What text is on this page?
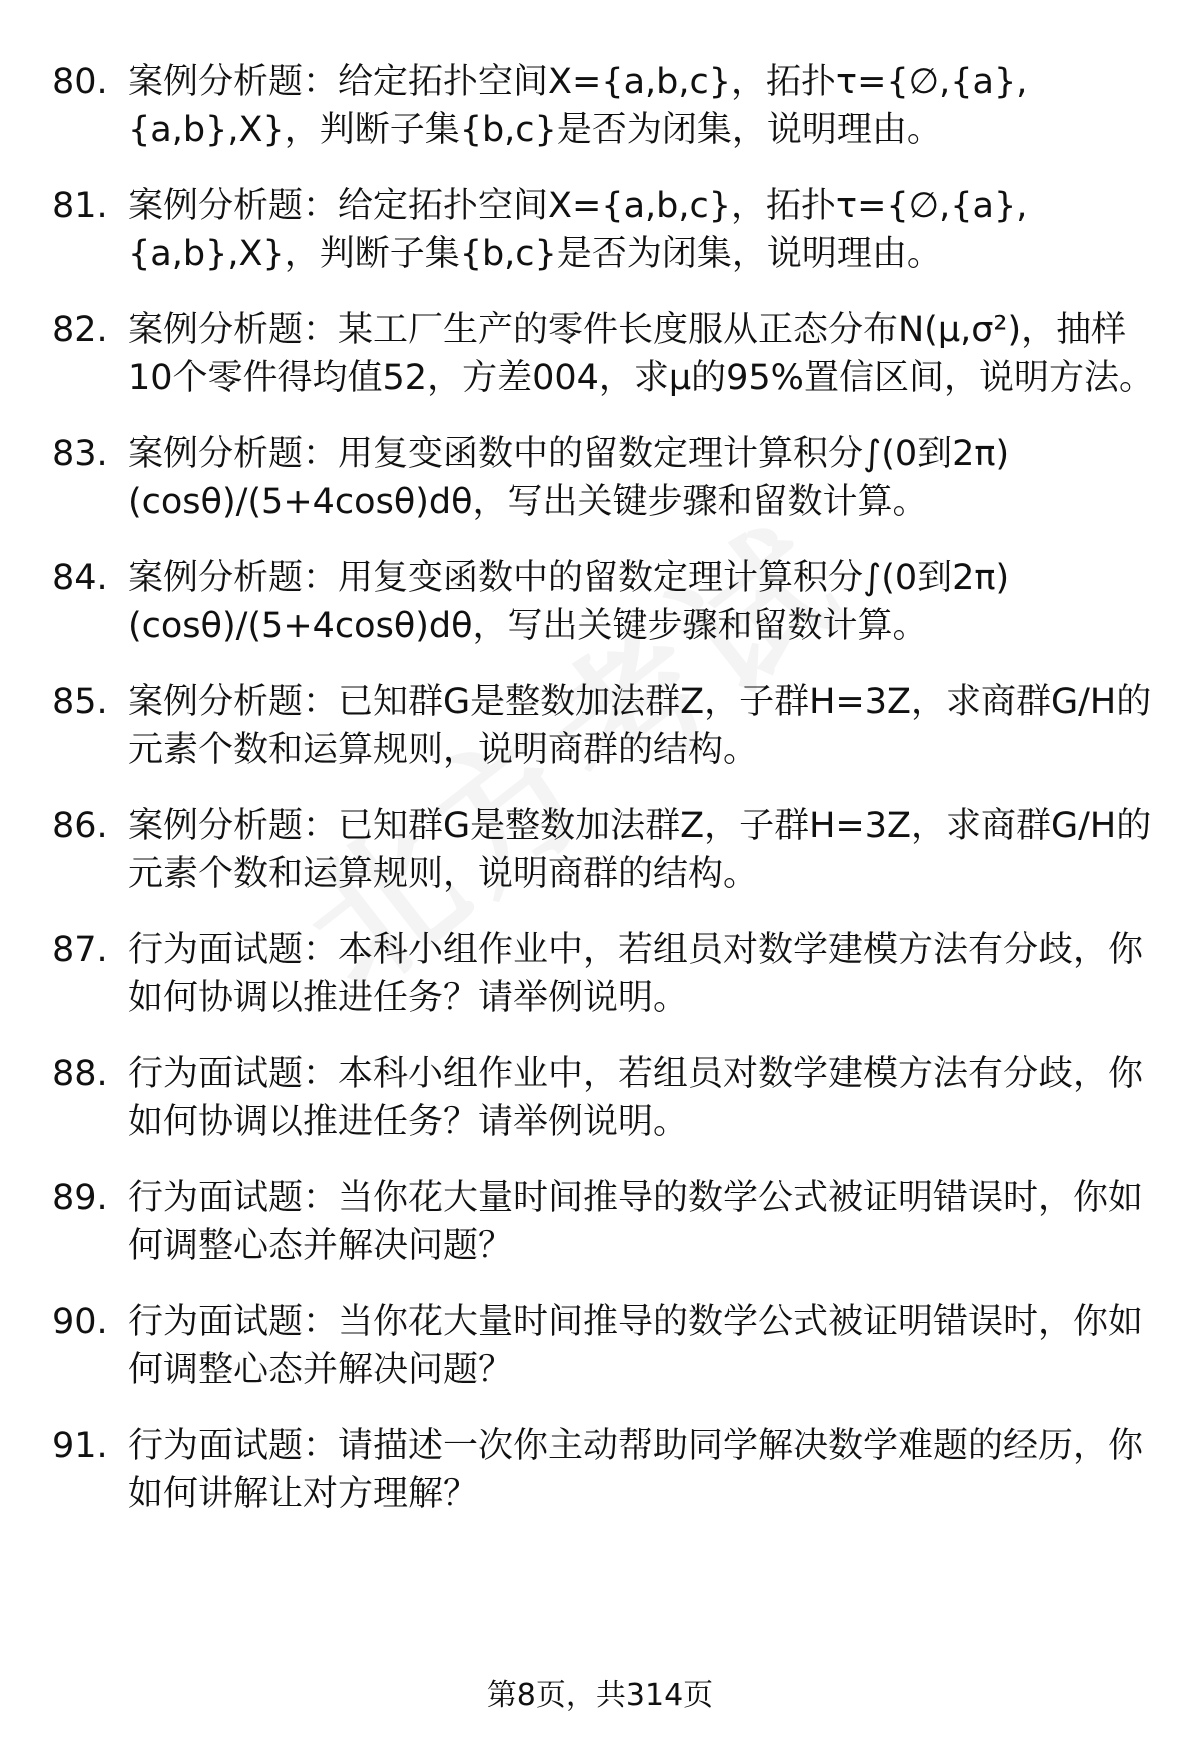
80. 案例分析题：给定拓扑空间X={a,b,c}，拓扑τ={∅,{a},{a,b},X}，判断子集{b,c}是否为闭集，说明理由。
81. 案例分析题：给定拓扑空间X={a,b,c}，拓扑τ={∅,{a},{a,b},X}，判断子集{b,c}是否为闭集，说明理由。
82. 案例分析题：某工厂生产的零件长度服从正态分布N(μ,σ²)，抽样10个零件得均值52，方差004，求μ的95%置信区间，说明方法。
83. 案例分析题：用复变函数中的留数定理计算积分∫(0到2π)(cosθ)/(5+4cosθ)dθ，写出关键步骤和留数计算。
84. 案例分析题：用复变函数中的留数定理计算积分∫(0到2π)(cosθ)/(5+4cosθ)dθ，写出关键步骤和留数计算。
85. 案例分析题：已知群G是整数加法群Z，子群H=3Z，求商群G/H的元素个数和运算规则，说明商群的结构。
86. 案例分析题：已知群G是整数加法群Z，子群H=3Z，求商群G/H的元素个数和运算规则，说明商群的结构。
87. 行为面试题：本科小组作业中，若组员对数学建模方法有分歧，你如何协调以推进任务？请举例说明。
88. 行为面试题：本科小组作业中，若组员对数学建模方法有分歧，你如何协调以推进任务？请举例说明。
89. 行为面试题：当你花大量时间推导的数学公式被证明错误时，你如何调整心态并解决问题？
90. 行为面试题：当你花大量时间推导的数学公式被证明错误时，你如何调整心态并解决问题？
91. 行为面试题：请描述一次你主动帮助同学解决数学难题的经历，你如何讲解让对方理解？
第8页，共314页
